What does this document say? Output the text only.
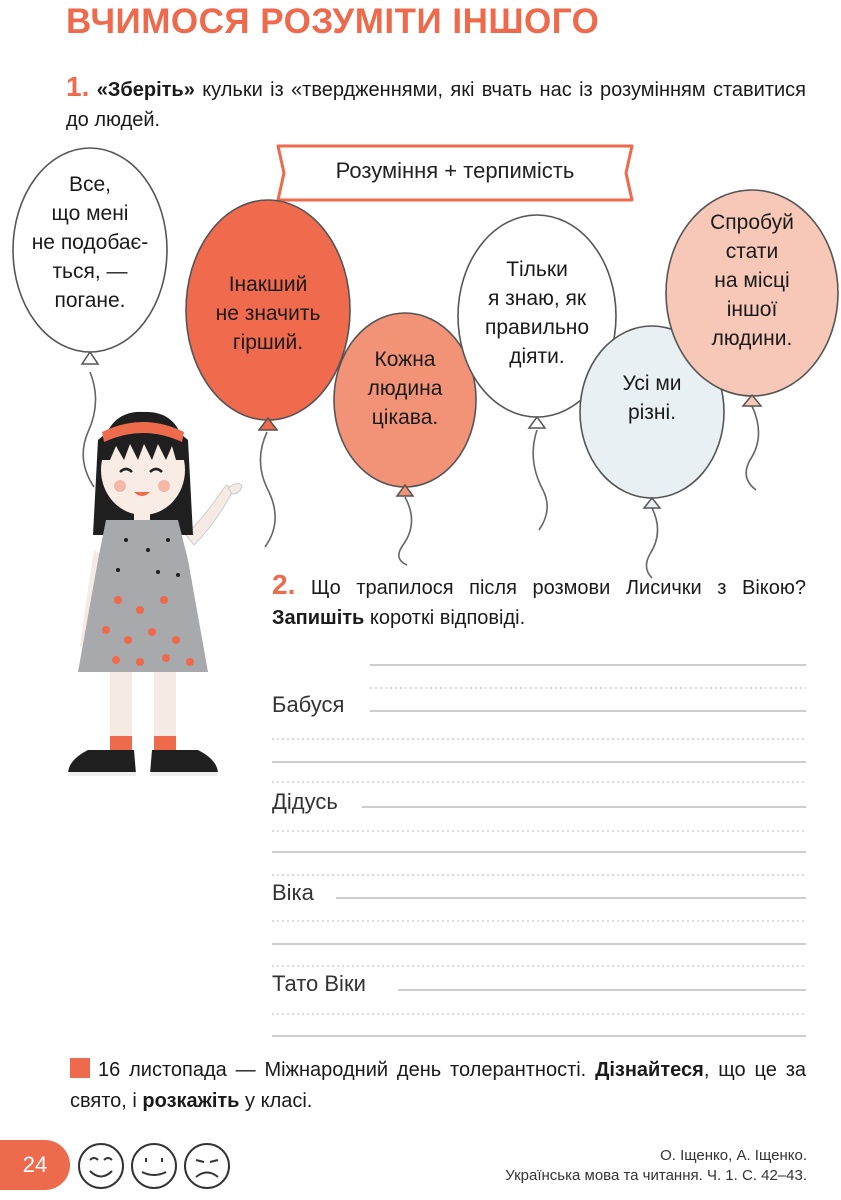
ВЧИМОСЯ РОЗУМІТИ ІНШОГО
1. «Зберіть» кульки із «твердженнями, які вчать нас із розумінням ставитися до людей.
Розуміння + терпимість
Все,
що мені
не подобає-
ться, —
погане.
Інакший
не значить
гірший.
Кожна
людина
цікава.
Тільки
я знаю, як
правильно
діяти.
Усі ми
різні.
Спробуй
стати
на місці
іншої
людини.
2. Що трапилося після розмови Лисички з Вікою? Запишіть короткі відповіді.
Бабуся
Дідусь
Віка
Тато Віки
16 листопада — Міжнародний день толерантності. Дізнайтеся, що це за свято, і розкажіть у класі.
24	О. Іщенко, А. Іщенко.
Українська мова та читання. Ч. 1. С. 42–43.
